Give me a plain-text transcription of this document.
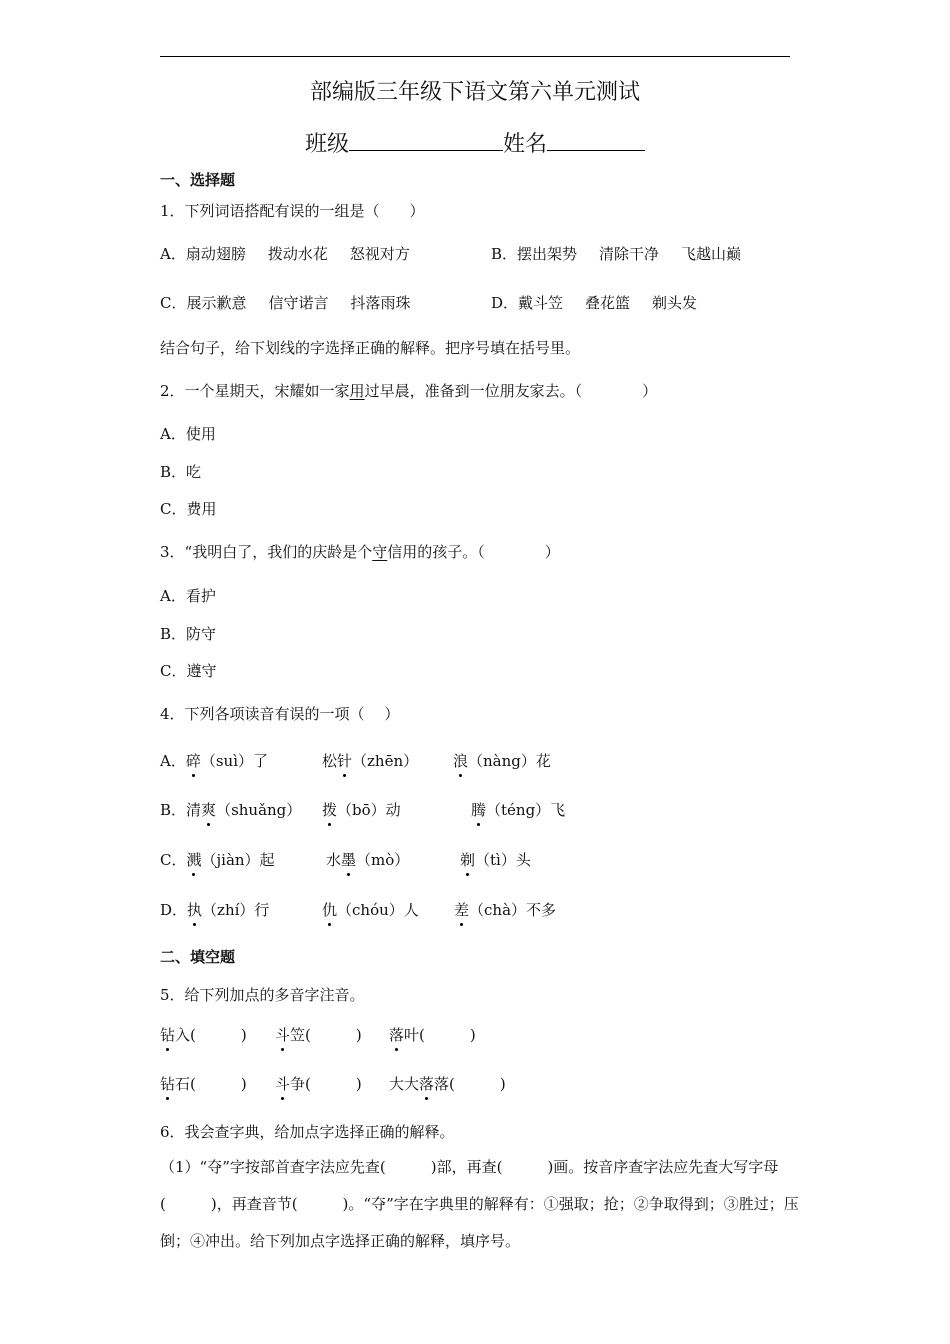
部编版三年级下语文第六单元测试
班级	姓名
一、选择题
1．下列词语搭配有误的一组是（　　）
A．扇动翅膀 拨动水花 怒视对方	B．摆出架势 清除干净 飞越山巅
C．展示歉意 信守诺言 抖落雨珠	D．戴斗笠 叠花篮 剃头发
结合句子，给下划线的字选择正确的解释。把序号填在括号里。
2．一个星期天，宋耀如一家用过早晨，准备到一位朋友家去。（　　　　）
A．使用
B．吃
C．费用
3．“我明白了，我们的庆龄是个守信用的孩子。（　　　　）
A．看护
B．防守
C．遵守
4．下列各项读音有误的一项（　 ）
A．碎（suì）了	松针（zhēn） 浪（nàng）花
B．清爽（shuǎng） 拨（bō）动	腾（téng）飞
C．溅（jiàn）起	水墨（mò）	剃（tì）头
D．执（zhí）行	仇（chóu）人 差（chà）不多
二、填空题
5．给下列加点的多音字注音。
钻入(　　　) 斗笠(　　　) 落叶(　　　)
钻石(　　　) 斗争(　　　) 大大落落(　　　)
6．我会查字典，给加点字选择正确的解释。
（1）“夺”字按部首查字法应先查(　　　)部，再查(　　　)画。按音序查字法应先查大写字母(　　　)，再查音节(　　　)。“夺”字在字典里的解释有：①强取；抢；②争取得到；③胜过；压倒；④冲出。给下列加点字选择正确的解释，填序号。
